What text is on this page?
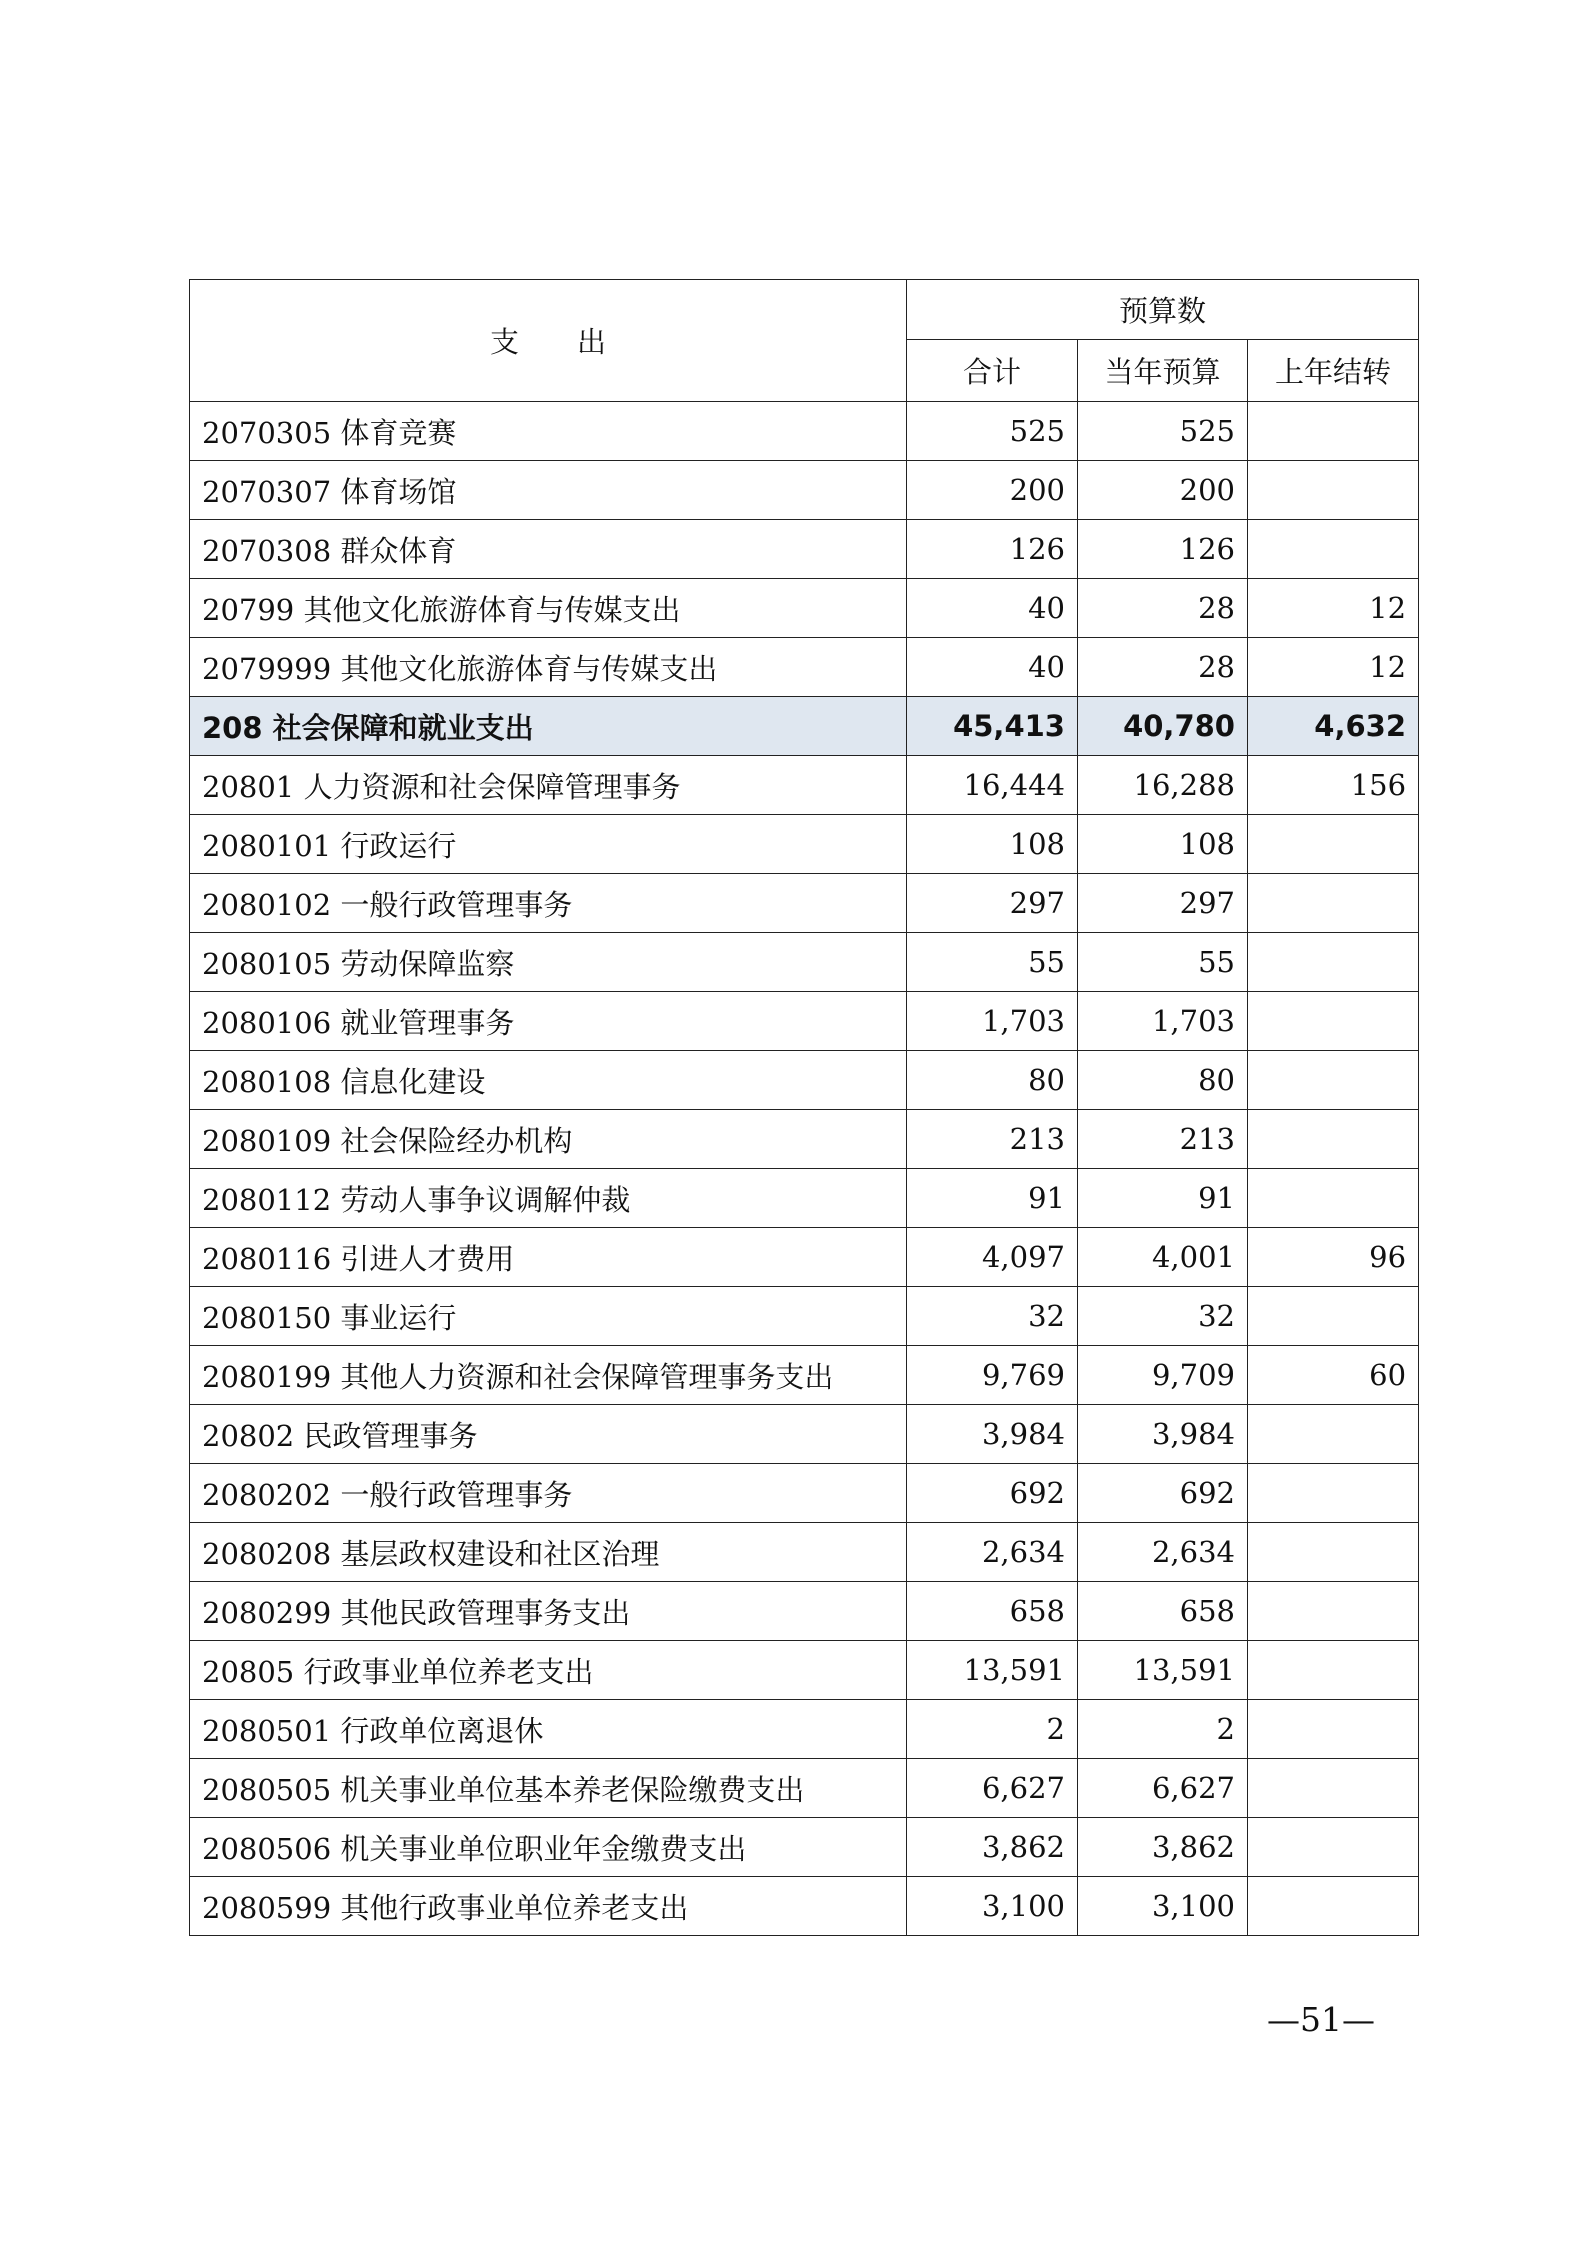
支　　出	预算数		
	合计	当年预算	上年结转
2070305 体育竞赛	525	525	
2070307 体育场馆	200	200	
2070308 群众体育	126	126	
20799 其他文化旅游体育与传媒支出	40	28	12
2079999 其他文化旅游体育与传媒支出	40	28	12
208 社会保障和就业支出	45,413	40,780	4,632
20801 人力资源和社会保障管理事务	16,444	16,288	156
2080101 行政运行	108	108	
2080102 一般行政管理事务	297	297	
2080105 劳动保障监察	55	55	
2080106 就业管理事务	1,703	1,703	
2080108 信息化建设	80	80	
2080109 社会保险经办机构	213	213	
2080112 劳动人事争议调解仲裁	91	91	
2080116 引进人才费用	4,097	4,001	96
2080150 事业运行	32	32	
2080199 其他人力资源和社会保障管理事务支出	9,769	9,709	60
20802 民政管理事务	3,984	3,984	
2080202 一般行政管理事务	692	692	
2080208 基层政权建设和社区治理	2,634	2,634	
2080299 其他民政管理事务支出	658	658	
20805 行政事业单位养老支出	13,591	13,591	
2080501 行政单位离退休	2	2	
2080505 机关事业单位基本养老保险缴费支出	6,627	6,627	
2080506 机关事业单位职业年金缴费支出	3,862	3,862	
2080599 其他行政事业单位养老支出	3,100	3,100	
—51—
